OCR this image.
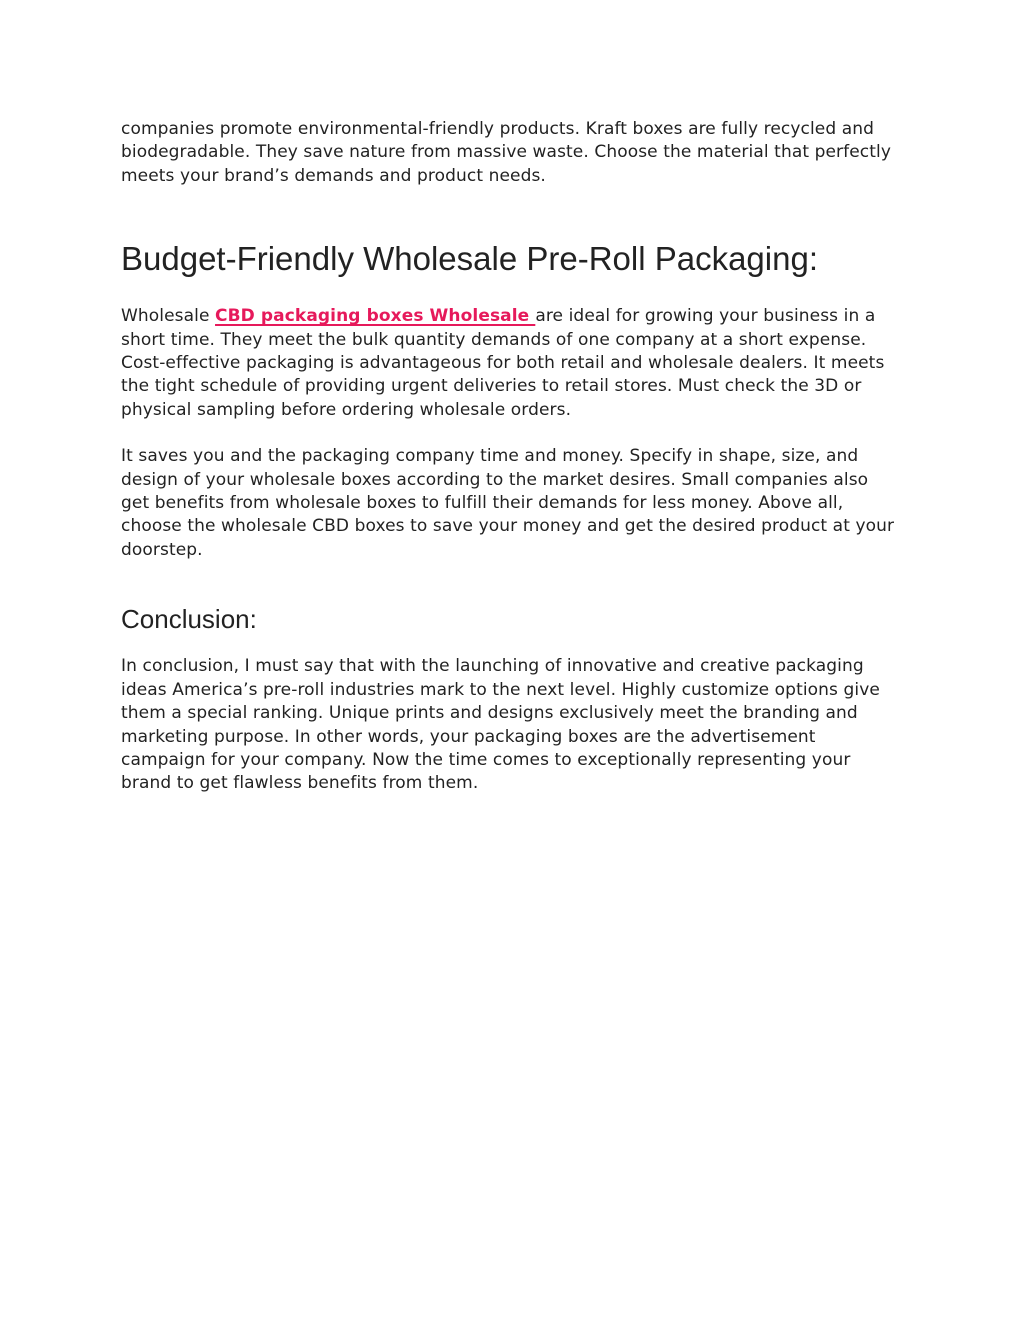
companies promote environmental-friendly products. Kraft boxes are fully recycled and biodegradable. They save nature from massive waste. Choose the material that perfectly meets your brand’s demands and product needs.

Budget-Friendly Wholesale Pre-Roll Packaging:

Wholesale CBD packaging boxes Wholesale are ideal for growing your business in a short time. They meet the bulk quantity demands of one company at a short expense. Cost-effective packaging is advantageous for both retail and wholesale dealers. It meets the tight schedule of providing urgent deliveries to retail stores. Must check the 3D or physical sampling before ordering wholesale orders.

It saves you and the packaging company time and money. Specify in shape, size, and design of your wholesale boxes according to the market desires. Small companies also get benefits from wholesale boxes to fulfill their demands for less money. Above all, choose the wholesale CBD boxes to save your money and get the desired product at your doorstep.

Conclusion:

In conclusion, I must say that with the launching of innovative and creative packaging ideas America’s pre-roll industries mark to the next level. Highly customize options give them a special ranking. Unique prints and designs exclusively meet the branding and marketing purpose. In other words, your packaging boxes are the advertisement campaign for your company. Now the time comes to exceptionally representing your brand to get flawless benefits from them.
